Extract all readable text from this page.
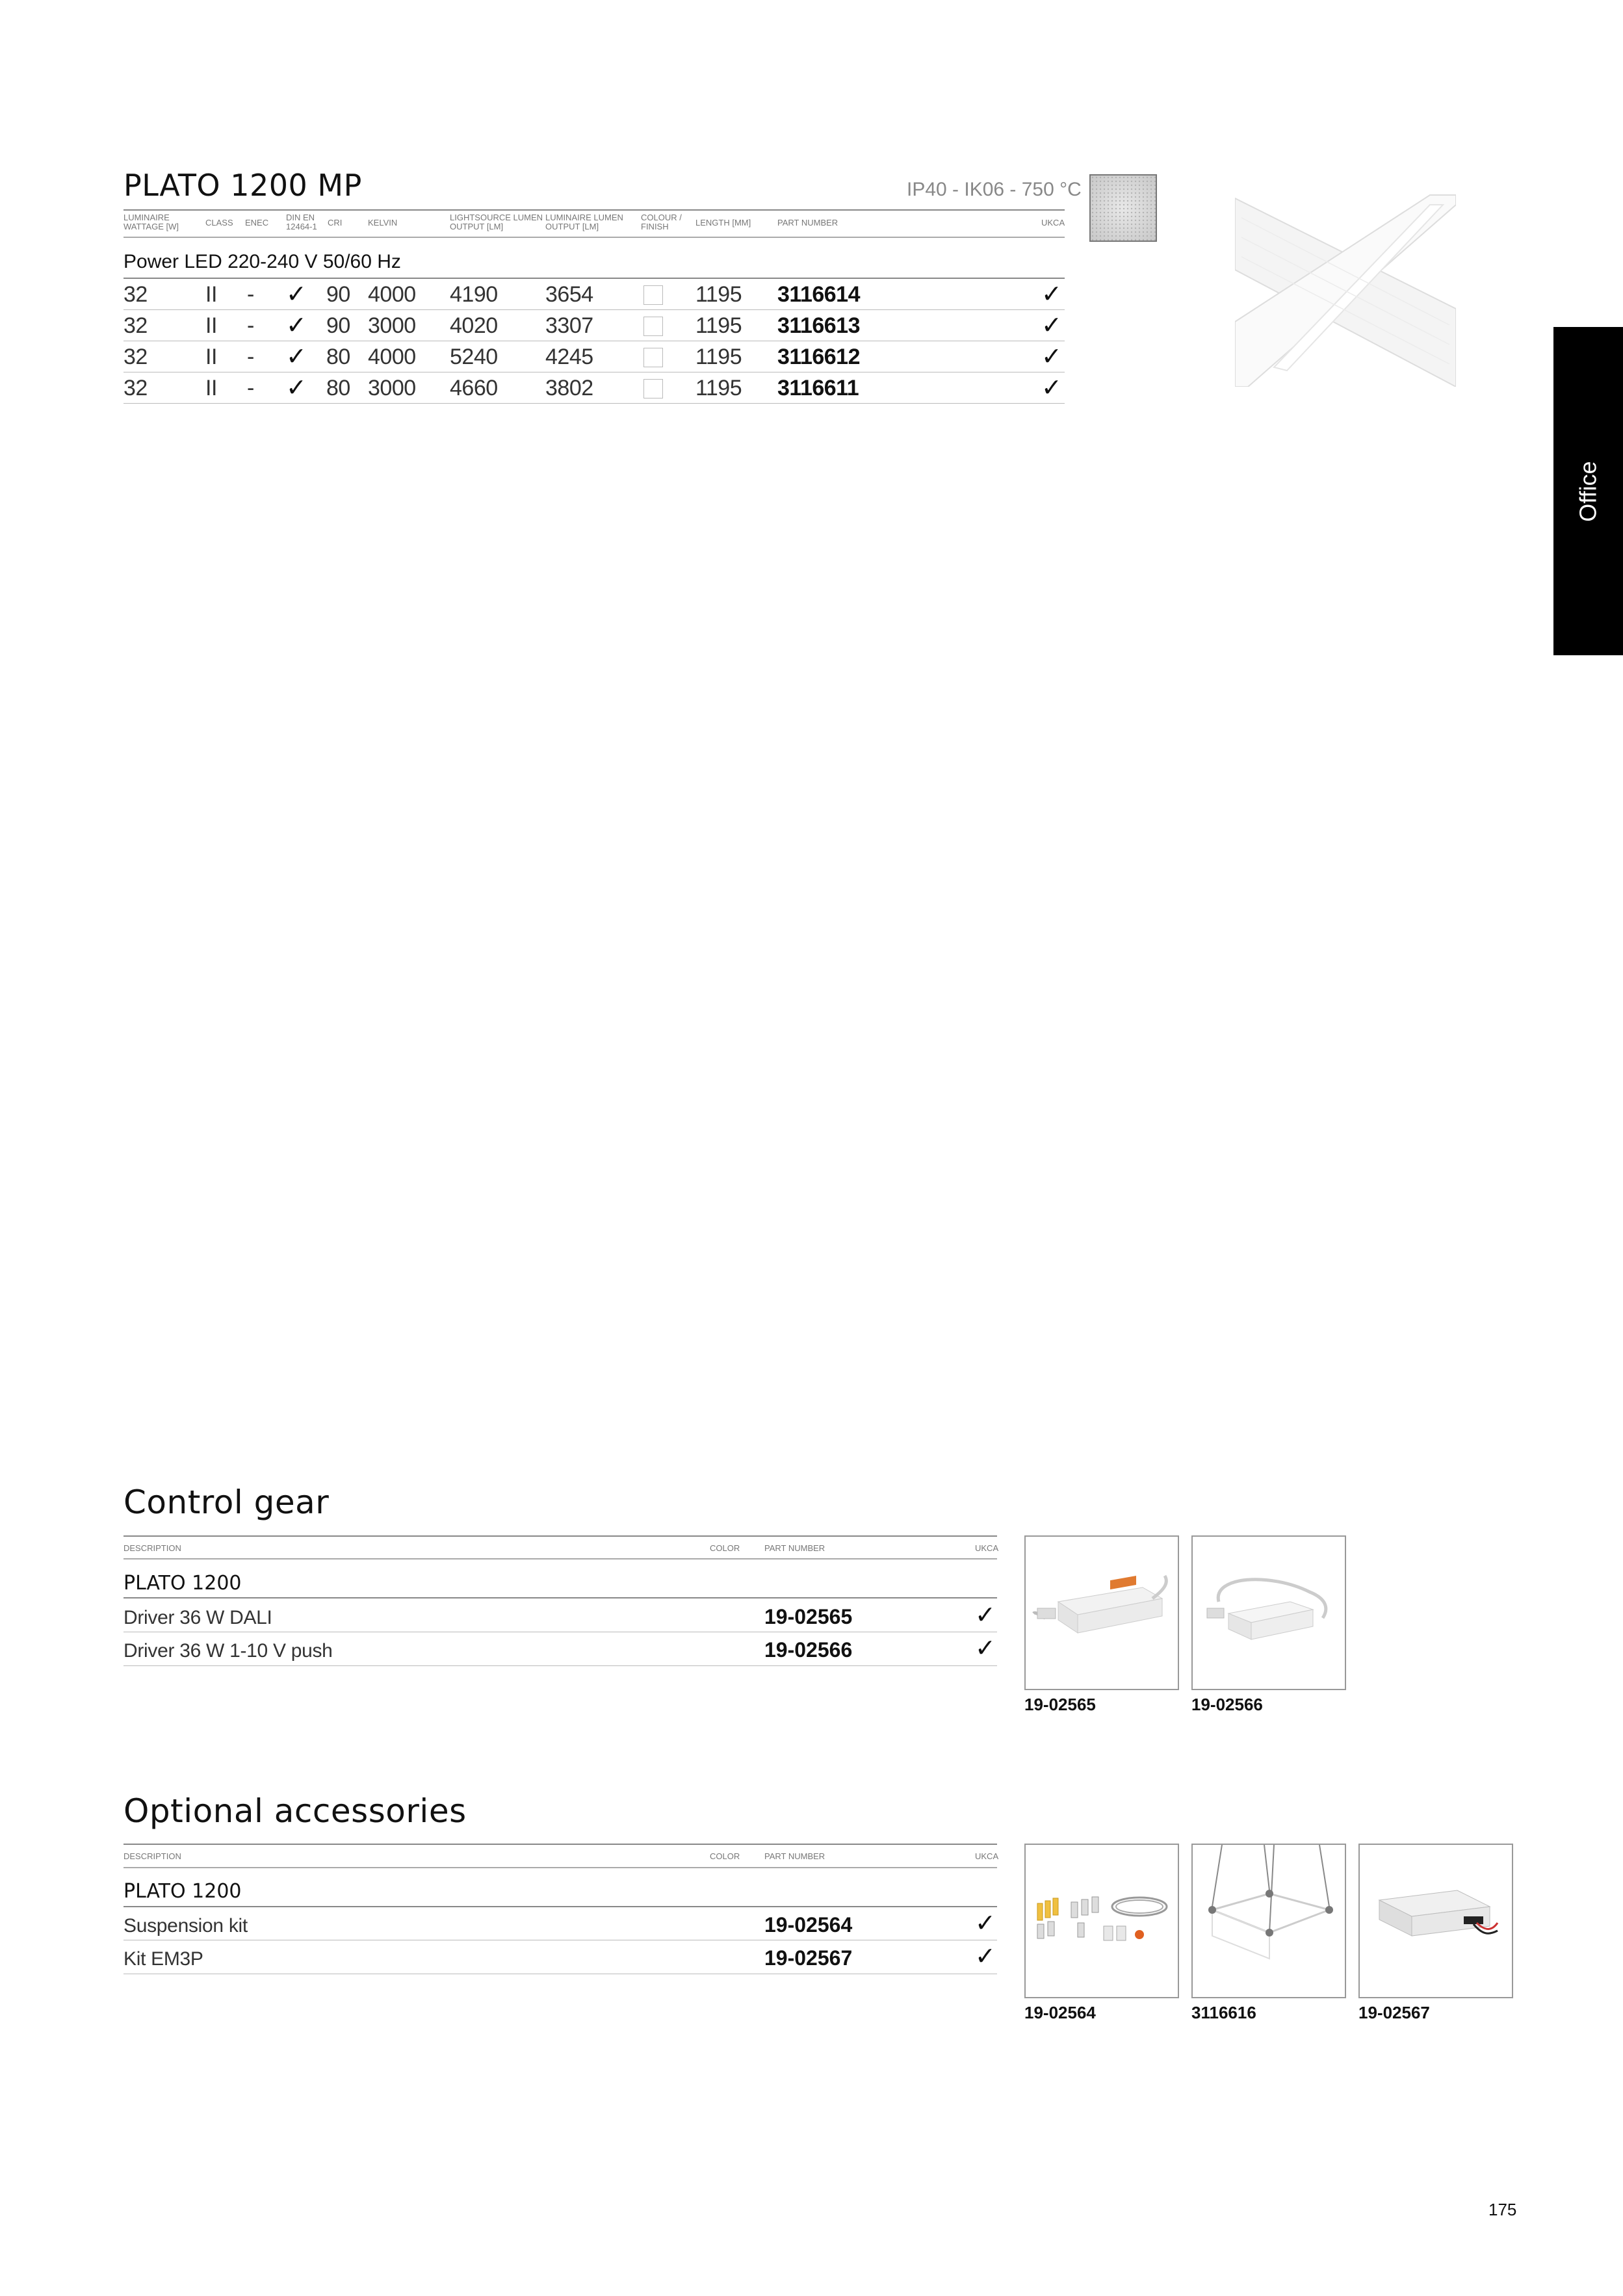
PLATO 1200 MP	IP40 - IK06 - 750 °C
LUMINAIRE
WATTAGE [W]	CLASS ENEC
DIN EN
12464-1 CRI	KELVIN
LIGHTSOURCE LUMEN
OUTPUT [LM]
LUMINAIRE LUMEN
OUTPUT [LM]
COLOUR /
FINISH	LENGTH [MM]	PART NUMBER	UKCA
Power LED 220-240 V 50/60 Hz
32	II - ✓ 90 4000 4190 3654	1195 3116614	✓
32	II - ✓ 90 3000 4020 3307	1195 3116613	✓
32	II - ✓ 80 4000 5240 4245	1195 3116612	✓
32	II - ✓ 80 3000 4660 3802	1195 3116611	✓
Office
Control gear
DESCRIPTION	COLOR	PART NUMBER	UKCA
PLATO 1200
Driver 36 W DALI	19-02565	✓
Driver 36 W 1-10 V push	19-02566	✓
19-02565	19-02566
Optional accessories
DESCRIPTION	COLOR	PART NUMBER	UKCA
PLATO 1200
Suspension kit	19-02564	✓
Kit EM3P	19-02567	✓
19-02564	3116616	19-02567
175
